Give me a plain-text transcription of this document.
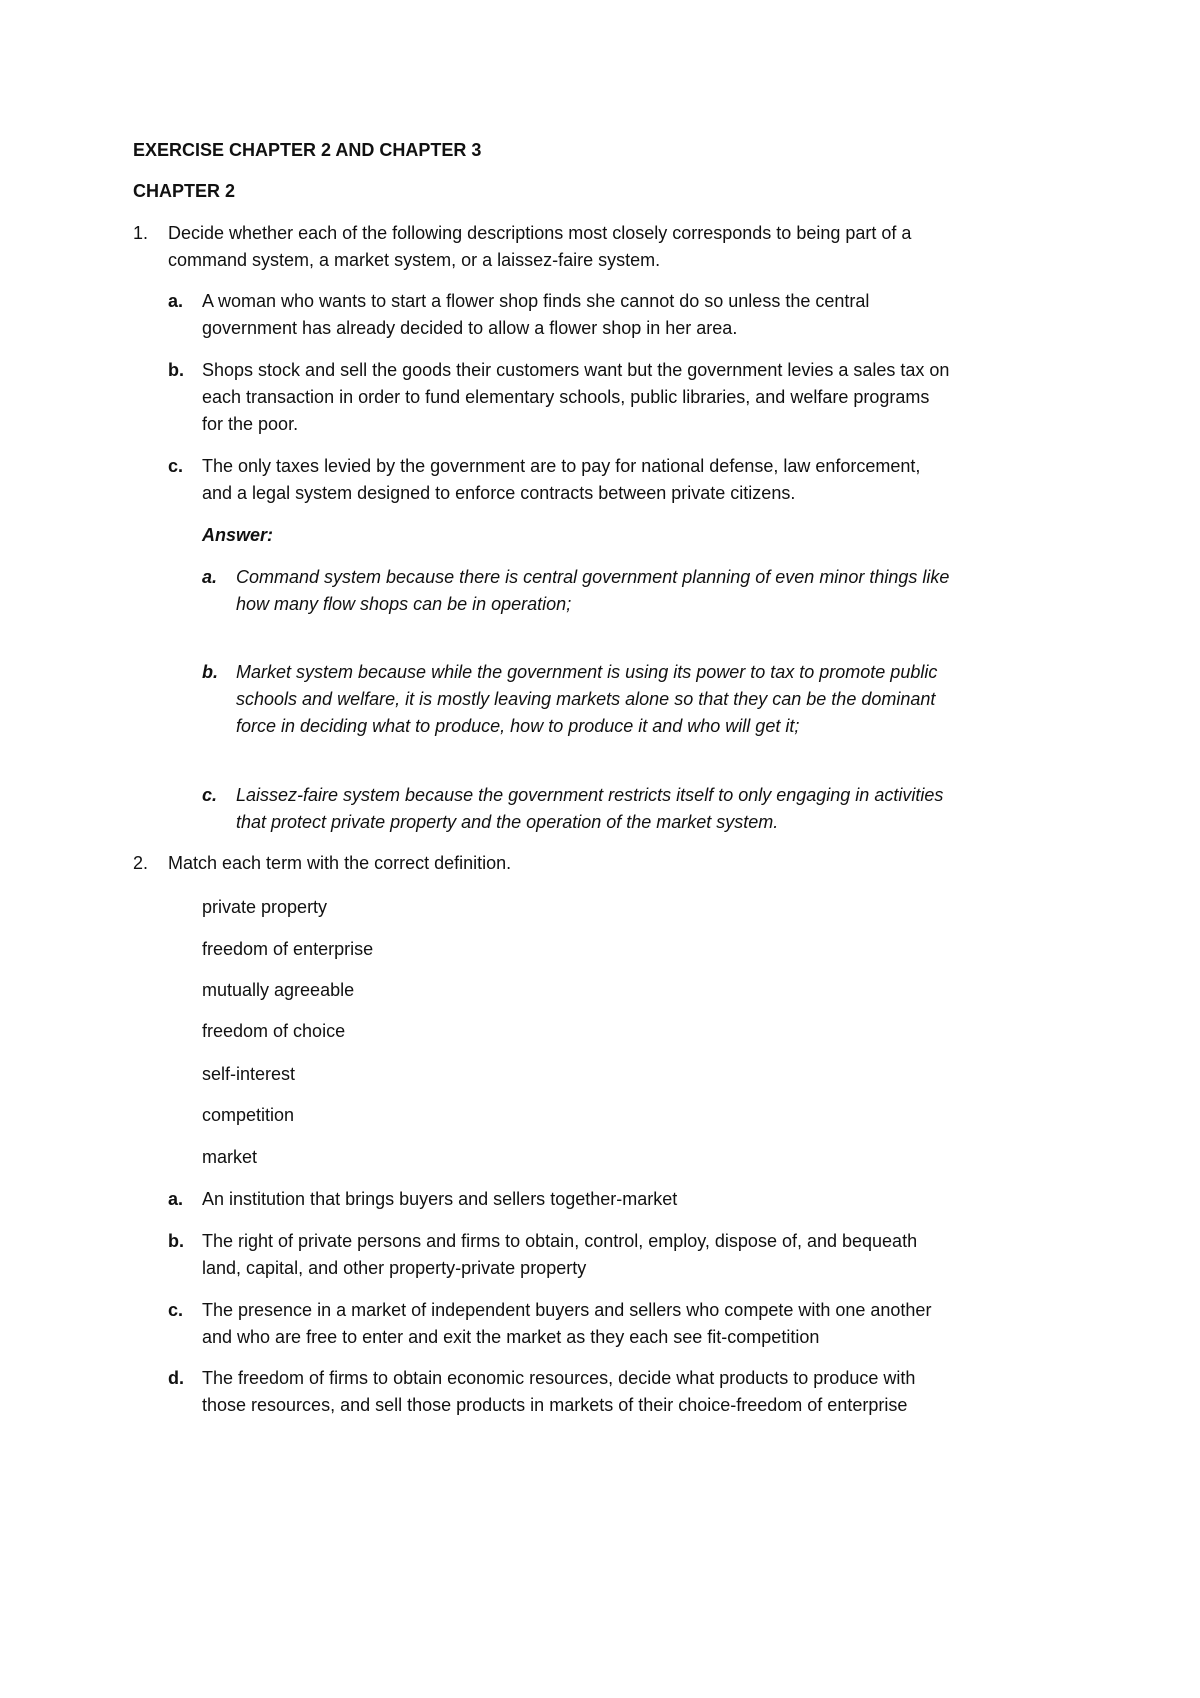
EXERCISE CHAPTER 2 AND CHAPTER 3
CHAPTER 2
1. Decide whether each of the following descriptions most closely corresponds to being part of a
command system, a market system, or a laissez-faire system.
a. A woman who wants to start a flower shop finds she cannot do so unless the central
government has already decided to allow a flower shop in her area.
b. Shops stock and sell the goods their customers want but the government levies a sales tax on
each transaction in order to fund elementary schools, public libraries, and welfare programs
for the poor.
c. The only taxes levied by the government are to pay for national defense, law enforcement,
and a legal system designed to enforce contracts between private citizens.
Answer:
a. Command system because there is central government planning of even minor things like
how many flow shops can be in operation;
b. Market system because while the government is using its power to tax to promote public
schools and welfare, it is mostly leaving markets alone so that they can be the dominant
force in deciding what to produce, how to produce it and who will get it;
c. Laissez-faire system because the government restricts itself to only engaging in activities
that protect private property and the operation of the market system.
2. Match each term with the correct definition.
private property
freedom of enterprise
mutually agreeable
freedom of choice
self-interest
competition
market
a. An institution that brings buyers and sellers together-market
b. The right of private persons and firms to obtain, control, employ, dispose of, and bequeath
land, capital, and other property-private property
c. The presence in a market of independent buyers and sellers who compete with one another
and who are free to enter and exit the market as they each see fit-competition
d. The freedom of firms to obtain economic resources, decide what products to produce with
those resources, and sell those products in markets of their choice-freedom of enterprise
